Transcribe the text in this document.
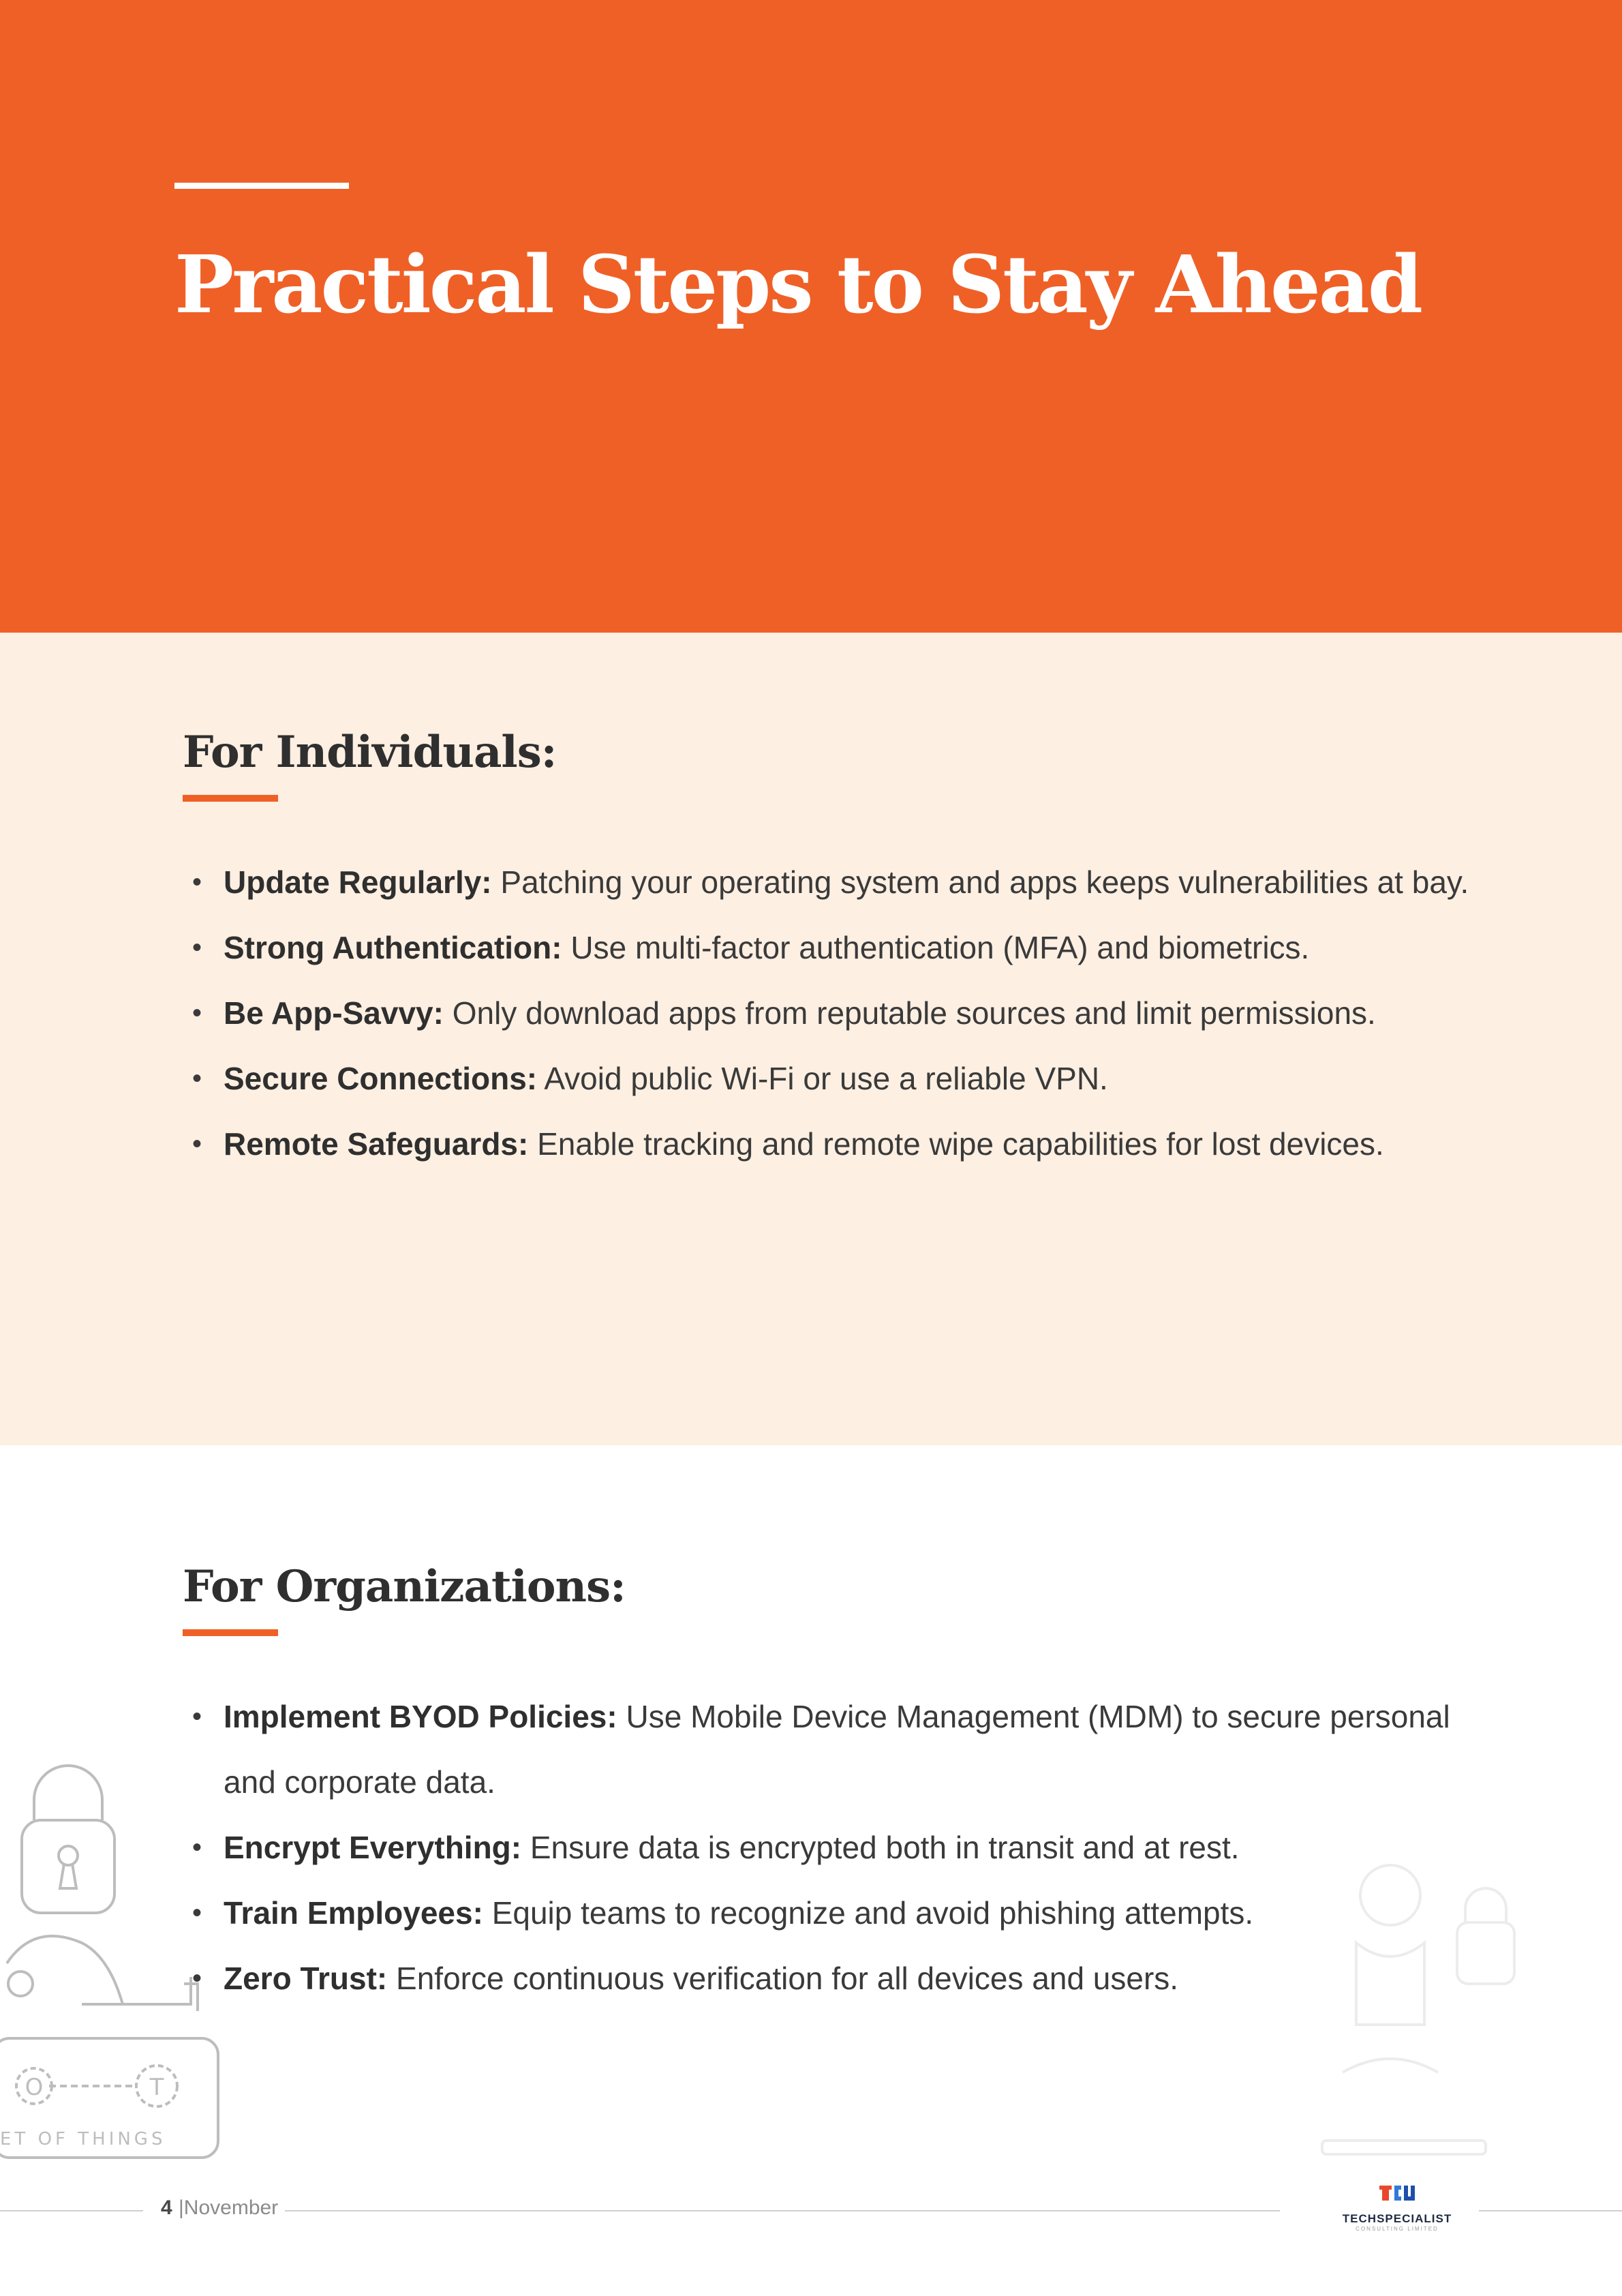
Practical Steps to Stay Ahead
For Individuals:
• Update Regularly: Patching your operating system and apps keeps vulnerabilities at bay.
• Strong Authentication: Use multi-factor authentication (MFA) and biometrics.
• Be App-Savvy: Only download apps from reputable sources and limit permissions.
• Secure Connections: Avoid public Wi-Fi or use a reliable VPN.
• Remote Safeguards: Enable tracking and remote wipe capabilities for lost devices.
For Organizations:
O	T
ET OF THINGS
• Implement BYOD Policies: Use Mobile Device Management (MDM) to secure personal and corporate data.
• Encrypt Everything: Ensure data is encrypted both in transit and at rest.
• Train Employees: Equip teams to recognize and avoid phishing attempts.
• Zero Trust: Enforce continuous verification for all devices and users.
4 |November	TECHSPECIALIST
CONSULTING LIMITED
